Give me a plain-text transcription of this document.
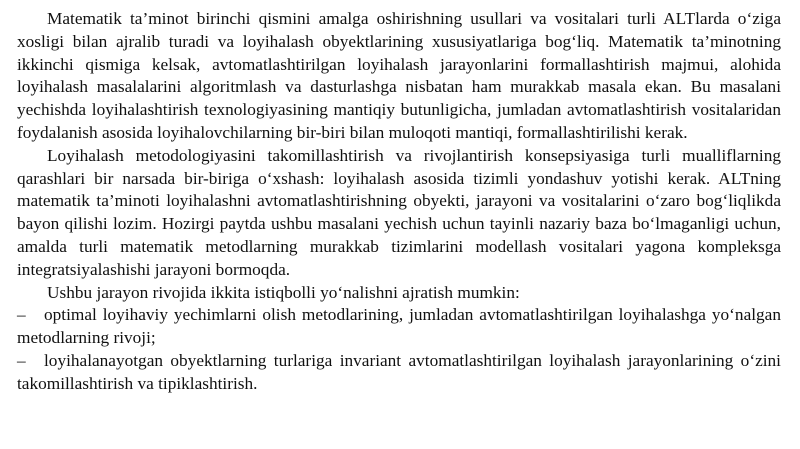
Matematik ta’minot birinchi qismini amalga oshirishning usullari va vositalari turli ALTlarda o‘ziga xosligi bilan ajralib turadi va loyihalash obyektlarining xususiyatlariga bog‘liq. Matematik ta’minotning ikkinchi qismiga kelsak, avtomatlashtirilgan loyihalash jarayonlarini formallashtirish majmui, alohida loyihalash masalalarini algoritmlash va dasturlashga nisbatan ham murakkab masala ekan. Bu masalani yechishda loyihalashtirish texnologiyasining mantiqiy butunligicha, jumladan avtomatlashtirish vositalaridan foydalanish asosida loyihalovchilarning bir-biri bilan muloqoti mantiqi, formallashtirilishi kerak.

Loyihalash metodologiyasini takomillashtirish va rivojlantirish konsepsiyasiga turli mualliflarning qarashlari bir narsada bir-biriga o‘xshash: loyihalash asosida tizimli yondashuv yotishi kerak. ALTning matematik ta’minoti loyihalashni avtomatlashtirishning obyekti, jarayoni va vositalarini o‘zaro bog‘liqlikda bayon qilishi lozim. Hozirgi paytda ushbu masalani yechish uchun tayinli nazariy baza bo‘lmaganligi uchun, amalda turli matematik metodlarning murakkab tizimlarini modellash vositalari yagona kompleksga integratsiyalashishi jarayoni bormoqda.

Ushbu jarayon rivojida ikkita istiqbolli yo‘nalishni ajratish mumkin:

– optimal loyihaviy yechimlarni olish metodlarining, jumladan avtomatlashtirilgan loyihalashga yo‘nalgan metodlarning rivoji;

– loyihalanayotgan obyektlarning turlariga invariant avtomatlashtirilgan loyihalash jarayonlarining o‘zini takomillashtirish va tipiklashtirish.
